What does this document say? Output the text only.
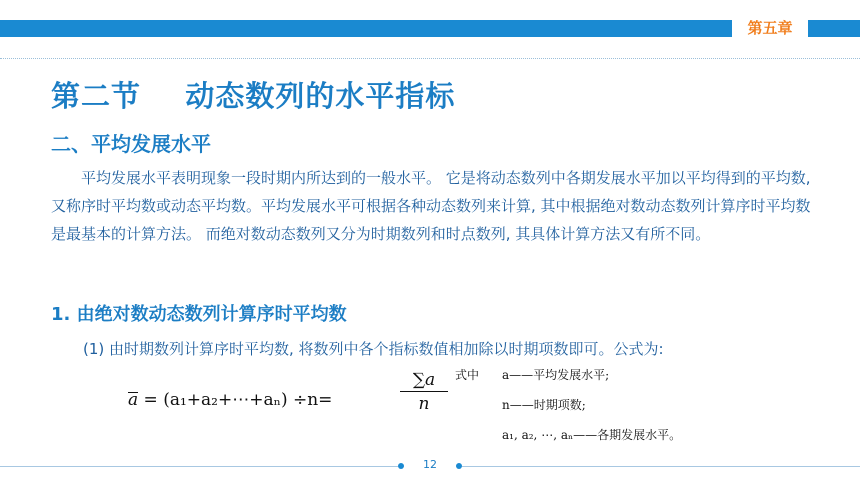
第五章
第二节    动态数列的水平指标
二、平均发展水平
平均发展水平表明现象一段时期内所达到的一般水平。 它是将动态数列中各期发展水平加以平均得到的平均数, 又称序时平均数或动态平均数。平均发展水平可根据各种动态数列来计算, 其中根据绝对数动态数列计算序时平均数是最基本的计算方法。 而绝对数动态数列又分为时期数列和时点数列, 其具体计算方法又有所不同。
1. 由绝对数动态数列计算序时平均数
(1) 由时期数列计算序时平均数, 将数列中各个指标数值相加除以时期项数即可。公式为:
a = (a₁+a₂+⋯+aₙ) ÷n=	$\frac{\sum a}{n}$ 式中 a——平均发展水平;
n——时期项数;
a₁, a₂, ⋯, aₙ——各期发展水平。
12
